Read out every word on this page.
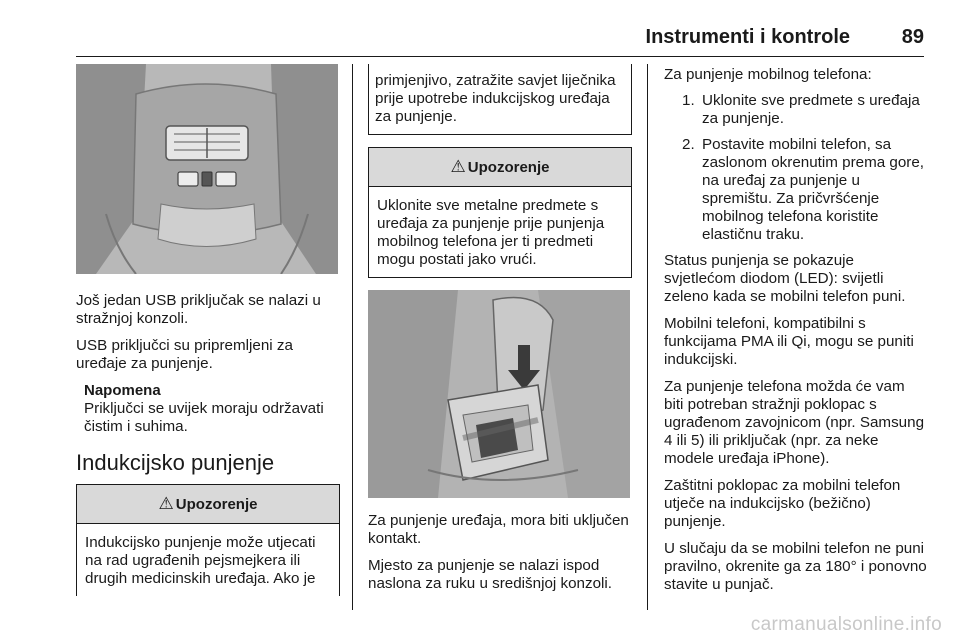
Instrumenti i kontrole	89

Još jedan USB priključak se nalazi u stražnjoj konzoli.

USB priključci su pripremljeni za uređaje za punjenje.

Napomena

Priključci se uvijek moraju održavati čistim i suhima.

Indukcijsko punjenje
⚠ Upozorenje

Indukcijsko punjenje može utjecati na rad ugrađenih pejsmejkera ili drugih medicinskih uređaja. Ako je

primjenjivo, zatražite savjet liječnika prije upotrebe indukcijskog uređaja za punjenje.

⚠ Upozorenje

Uklonite sve metalne predmete s uređaja za punjenje prije punjenja mobilnog telefona jer ti predmeti mogu postati jako vrući.

Za punjenje uređaja, mora biti uključen kontakt.

Mjesto za punjenje se nalazi ispod naslona za ruku u središnjoj konzoli.

Za punjenje mobilnog telefona:

1. Uklonite sve predmete s uređaja za punjenje.
2. Postavite mobilni telefon, sa zaslonom okrenutim prema gore, na uređaj za punjenje u spremištu. Za pričvršćenje mobilnog telefona koristite elastičnu traku.

Status punjenja se pokazuje svjetlećom diodom (LED): svijetli zeleno kada se mobilni telefon puni.

Mobilni telefoni, kompatibilni s funkcijama PMA ili Qi, mogu se puniti indukcijski.

Za punjenje telefona možda će vam biti potreban stražnji poklopac s ugrađenom zavojnicom (npr. Samsung 4 ili 5) ili priključak (npr. za neke modele uređaja iPhone).

Zaštitni poklopac za mobilni telefon utječe na indukcijsko (bežično) punjenje.

U slučaju da se mobilni telefon ne puni pravilno, okrenite ga za 180° i ponovno stavite u punjač.

carmanualsonline.info
